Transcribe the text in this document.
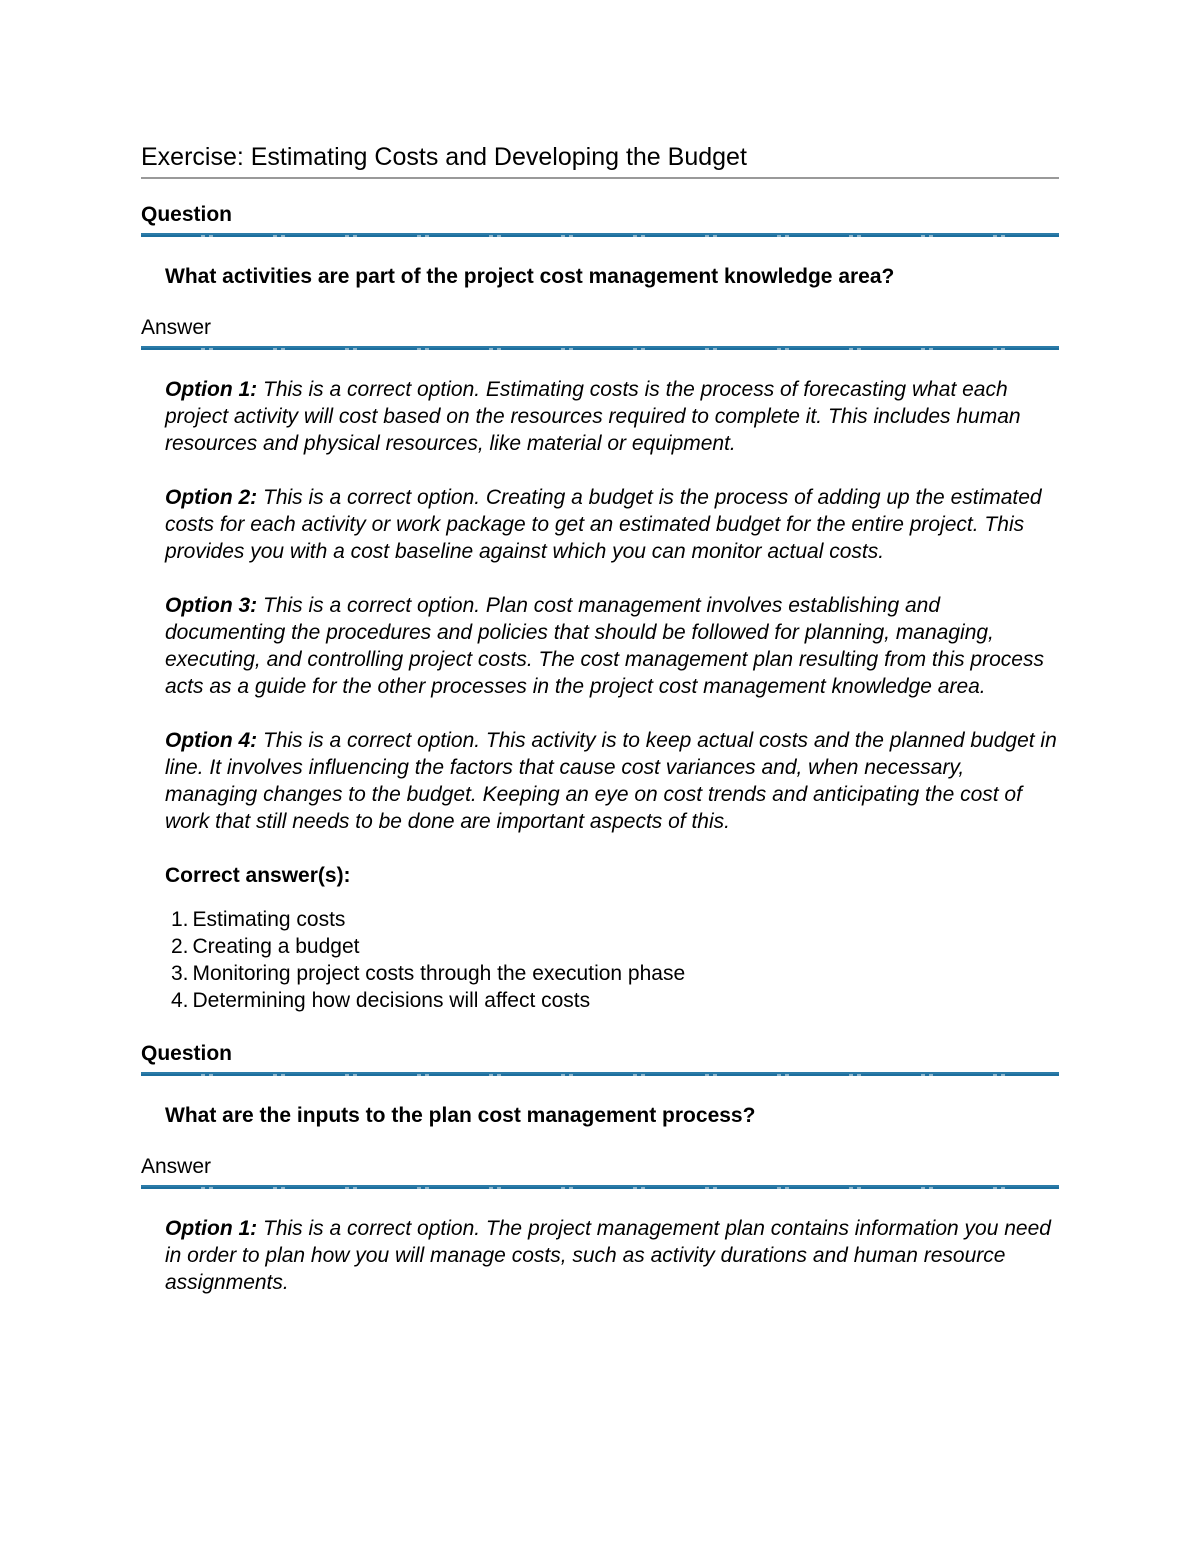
Exercise: Estimating Costs and Developing the Budget
Question
What activities are part of the project cost management knowledge area?
Answer

Option 1: This is a correct option. Estimating costs is the process of forecasting what each project activity will cost based on the resources required to complete it. This includes human resources and physical resources, like material or equipment.

Option 2: This is a correct option. Creating a budget is the process of adding up the estimated costs for each activity or work package to get an estimated budget for the entire project. This provides you with a cost baseline against which you can monitor actual costs.

Option 3: This is a correct option. Plan cost management involves establishing and documenting the procedures and policies that should be followed for planning, managing, executing, and controlling project costs. The cost management plan resulting from this process acts as a guide for the other processes in the project cost management knowledge area.

Option 4: This is a correct option. This activity is to keep actual costs and the planned budget in line. It involves influencing the factors that cause cost variances and, when necessary, managing changes to the budget. Keeping an eye on cost trends and anticipating the cost of work that still needs to be done are important aspects of this.

Correct answer(s):
1. Estimating costs
2. Creating a budget
3. Monitoring project costs through the execution phase
4. Determining how decisions will affect costs
Question
What are the inputs to the plan cost management process?
Answer

Option 1: This is a correct option. The project management plan contains information you need in order to plan how you will manage costs, such as activity durations and human resource assignments.
